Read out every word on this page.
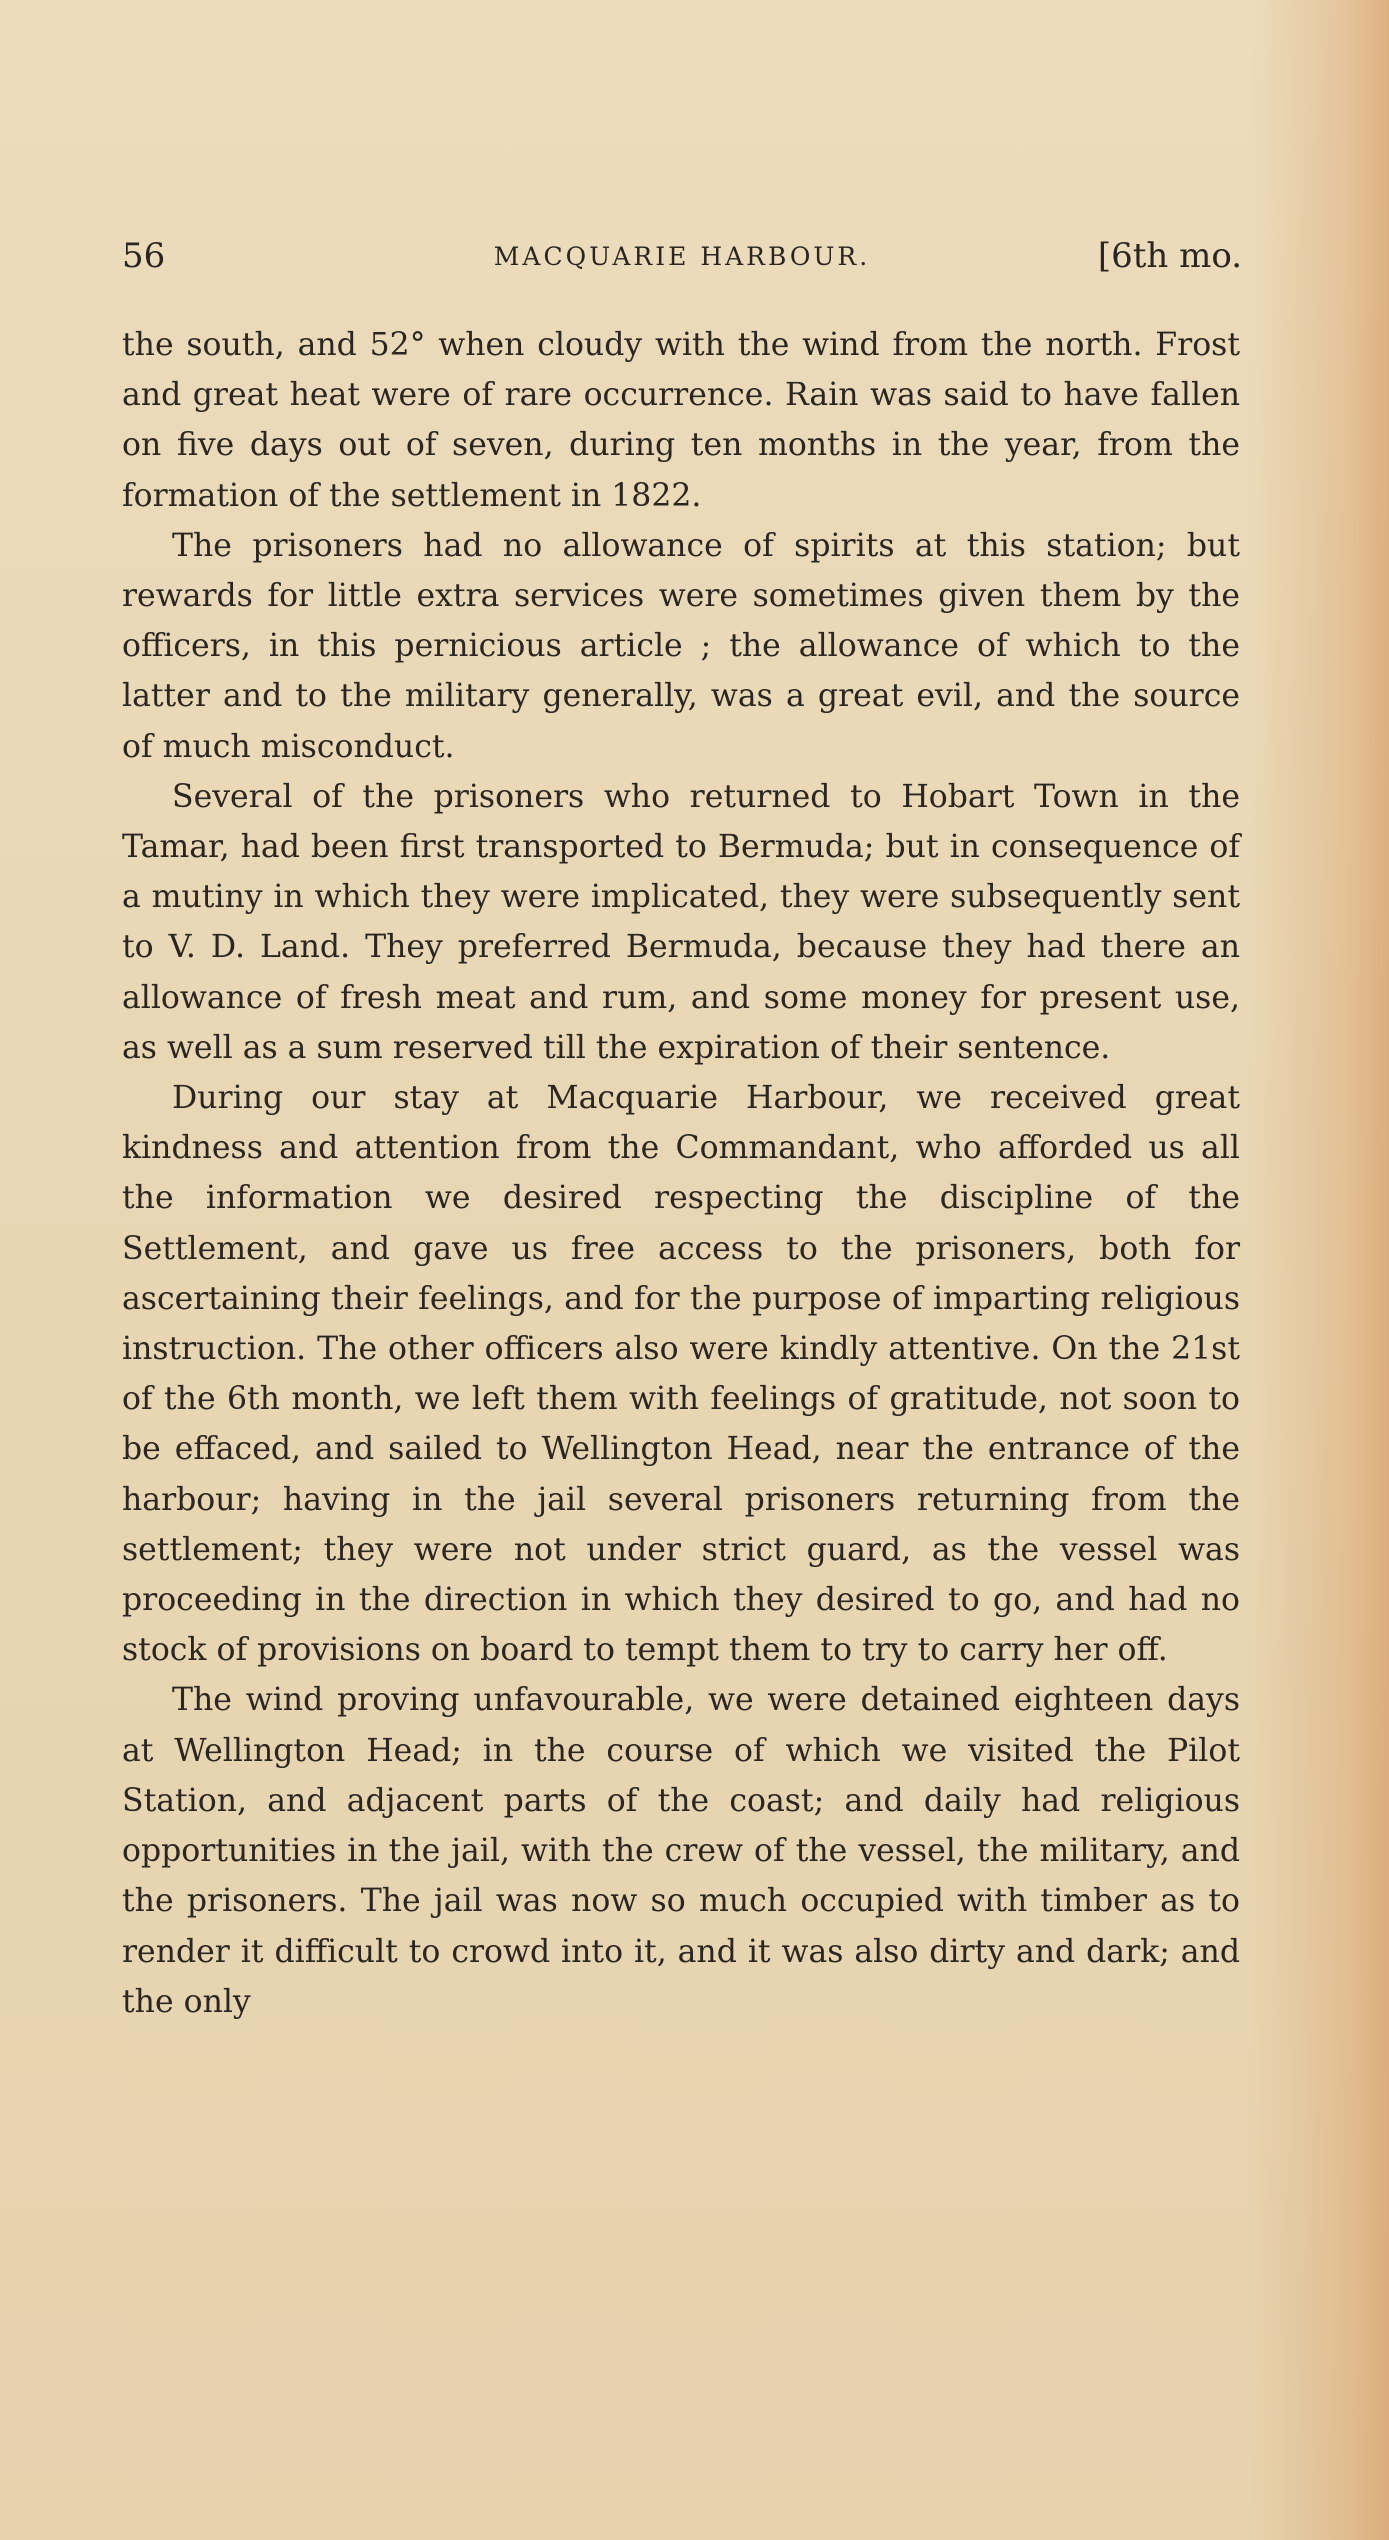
56	MACQUARIE HARBOUR.	[6th mo.

the south, and 52° when cloudy with the wind from the north. Frost and great heat were of rare occurrence. Rain was said to have fallen on five days out of seven, during ten months in the year, from the formation of the settlement in 1822.

The prisoners had no allowance of spirits at this station; but rewards for little extra services were sometimes given them by the officers, in this pernicious article ; the allowance of which to the latter and to the military generally, was a great evil, and the source of much misconduct.

Several of the prisoners who returned to Hobart Town in the Tamar, had been first transported to Bermuda; but in consequence of a mutiny in which they were implicated, they were subsequently sent to V. D. Land. They preferred Bermuda, because they had there an allowance of fresh meat and rum, and some money for present use, as well as a sum reserved till the expiration of their sentence.

During our stay at Macquarie Harbour, we received great kindness and attention from the Commandant, who afforded us all the information we desired respecting the discipline of the Settlement, and gave us free access to the prisoners, both for ascertaining their feelings, and for the purpose of imparting religious instruction. The other officers also were kindly attentive. On the 21st of the 6th month, we left them with feelings of gratitude, not soon to be effaced, and sailed to Wellington Head, near the entrance of the harbour; having in the jail several prisoners returning from the settlement; they were not under strict guard, as the vessel was proceeding in the direction in which they desired to go, and had no stock of provisions on board to tempt them to try to carry her off.

The wind proving unfavourable, we were detained eighteen days at Wellington Head; in the course of which we visited the Pilot Station, and adjacent parts of the coast; and daily had religious opportunities in the jail, with the crew of the vessel, the military, and the prisoners. The jail was now so much occupied with timber as to render it difficult to crowd into it, and it was also dirty and dark; and the only
